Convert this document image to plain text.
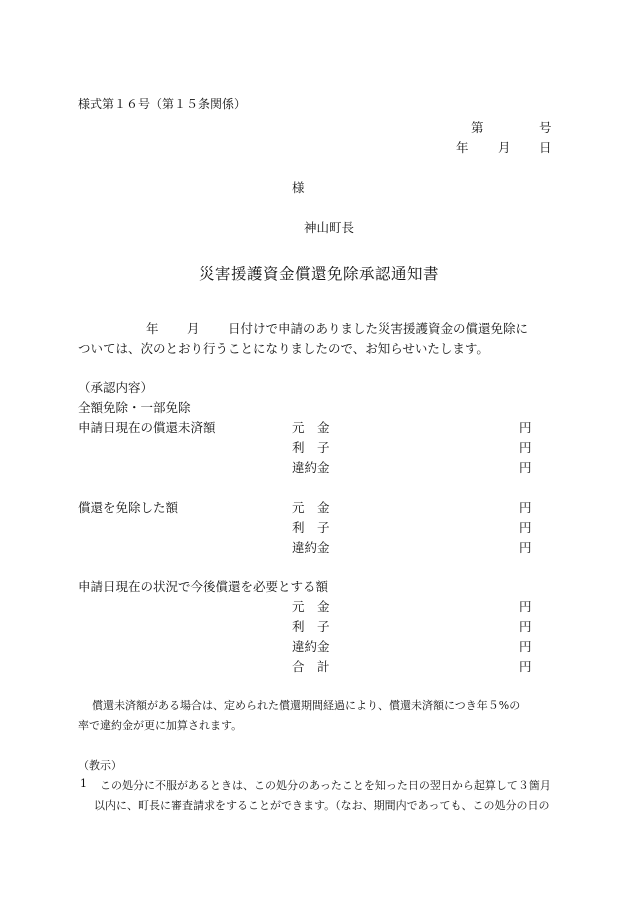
様式第１６号（第１５条関係）
第	号
年 月 日
様
神山町長
災害援護資金償還免除承認通知書
年 月 日付けで申請のありました災害援護資金の償還免除に
ついては、次のとおり行うことになりましたので、お知らせいたします。
（承認内容）
全額免除・一部免除
申請日現在の償還未済額	元　金	円
利　子	円
違約金	円
償還を免除した額	元　金	円
利　子	円
違約金	円
申請日現在の状況で今後償還を必要とする額
元　金	円
利　子	円
違約金	円
合　計	円
償還未済額がある場合は、定められた償還期間経過により、償還未済額につき年５%の
率で違約金が更に加算されます。
（教示）
1 この処分に不服があるときは、この処分のあったことを知った日の翌日から起算して３箇月
以内に、町長に審査請求をすることができます。（なお、期間内であっても、この処分の日の
